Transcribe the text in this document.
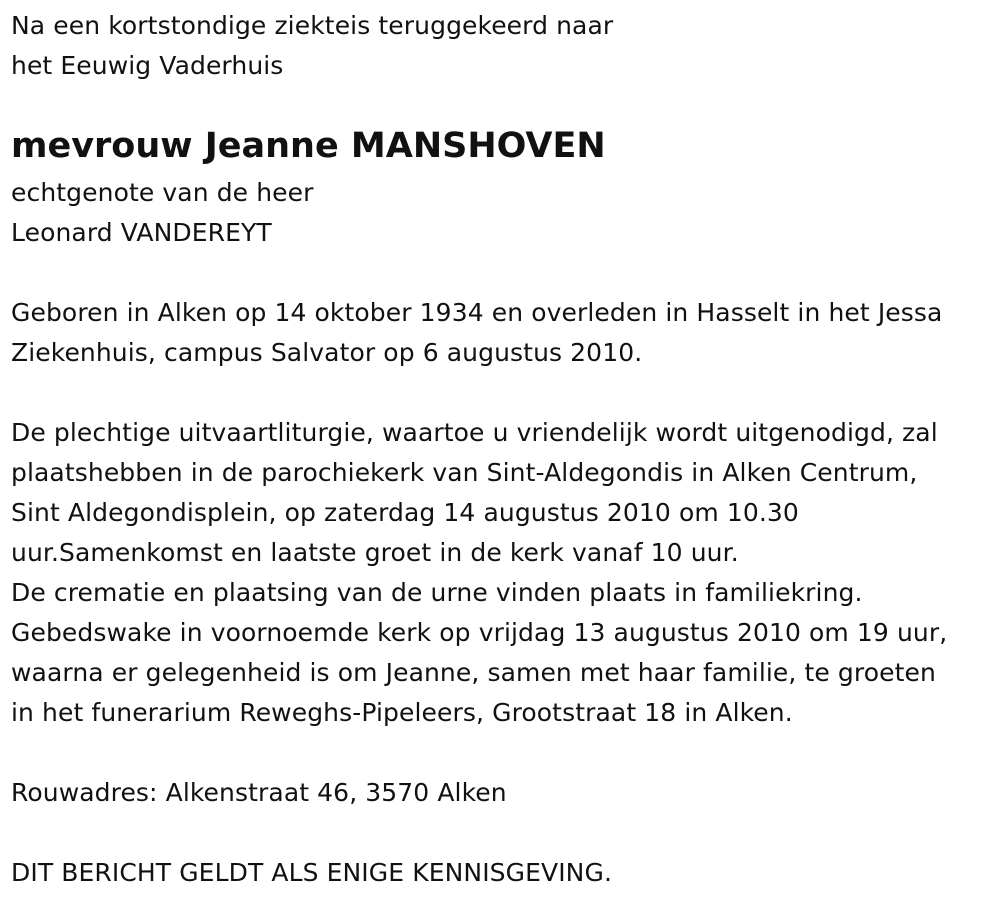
Na een kortstondige ziekteis teruggekeerd naar
het Eeuwig Vaderhuis
mevrouw Jeanne MANSHOVEN
echtgenote van de heer
Leonard VANDEREYT
Geboren in Alken op 14 oktober 1934 en overleden in Hasselt in het Jessa
Ziekenhuis, campus Salvator op 6 augustus 2010.
De plechtige uitvaartliturgie, waartoe u vriendelijk wordt uitgenodigd, zal
plaatshebben in de parochiekerk van Sint-Aldegondis in Alken Centrum,
Sint Aldegondisplein, op zaterdag 14 augustus 2010 om 10.30
uur.Samenkomst en laatste groet in de kerk vanaf 10 uur.
De crematie en plaatsing van de urne vinden plaats in familiekring.
Gebedswake in voornoemde kerk op vrijdag 13 augustus 2010 om 19 uur,
waarna er gelegenheid is om Jeanne, samen met haar familie, te groeten
in het funerarium Reweghs-Pipeleers, Grootstraat 18 in Alken.
Rouwadres: Alkenstraat 46, 3570 Alken
DIT BERICHT GELDT ALS ENIGE KENNISGEVING.
